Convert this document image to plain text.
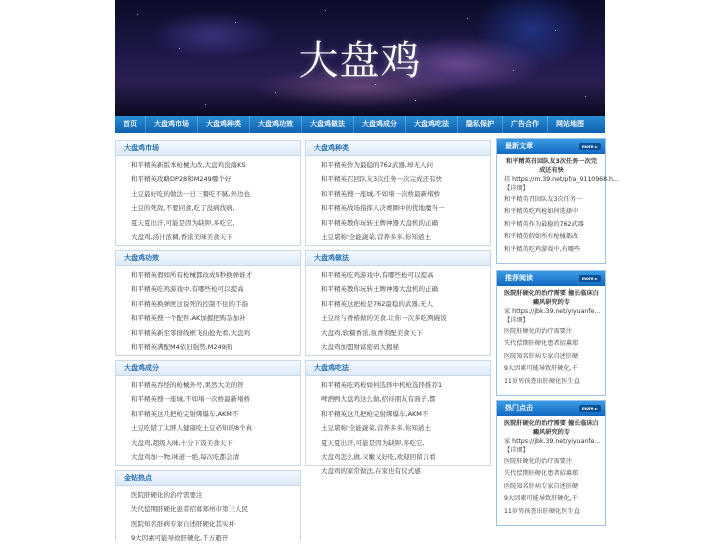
大盘鸡
首页	大盘鸡市场	大盘鸡种类	大盘鸡功效	大盘鸡做法	大盘鸡成分	大盘鸡吃法	隐私保护	广告合作	网站地图
大盘鸡市场
和平精英新版本枪械大改,大盘鸡没落KS
和平精英攻略DP28和M249哪个好
土豆最好吃的做法一日三餐吃不腻,外边也
土豆的死敌,不要同食,吃了没病找病,
夏天夏出汗,可能是因为缺钾,多吃它,
大盘鸡,汤汁浓稠,香浓美味美食天下
大盘鸡种类
和平精英作为最稳的762武器,却无人问
和平精英召回队友3次任务一次完成还有快
和平精英搜一座城,不如堵一次桥最新堵桥
和平精英战场指挥人决赛圈中的优地魔当一
和平精英教你玩转王牌神器大盘机的正确
土豆堪称'全能蔬菜,营养多多,你知道土
大盘鸡功效
和平精英假如所有枪械都改成5秒换弹谁才
和平精英吃鸡游戏中,有哪些枪可以提高
和平精英换弹匣这说死的控制不住的手指
和平精英搜一个配件,AK加握把购杂加补
和平精英新至零排线框飞仙抢先看,大盘鸡
和平精英满配M4依旧强势,M249面
大盘鸡做法
和平精英吃鸡游戏中,有哪些枪可以提高
和平精英教你玩转王牌神器大盘机的正确
和平精英这把枪是762最稳的武器,无人
土豆丝与香椿做的美食,让你一次多吃两碗饭
大盘鸡,软糯香浓,鱼香领配美食天下
大盘鸡加盟财富密码大揭秘
大盘鸡成分
和平精英吞怪的枪械外号,果然大美的智
和平精英搜一座城,不如堵一次桥最新堵桥
和平精英这几把枪完射绑爆车,AKM不
土豆吃错了太胖人健康吃土豆必知的8个真
大盘鸡,超级入味,十分下饭美食天下
大盘鸡加一物,味道一绝,每次吃都会清
大盘鸡吃法
和平精英吃鸡枪如何选择中机枪选择推荐1
啤酒鸭大盘鸡这么做,招待朋友有面子,都
和平精英这几把枪完射绑爆车,AKM不
土豆堪称'全能蔬菜,营养多多,你知道土
夏天夏出汗,可能是因为缺钾,多吃它,
大盘鸡怎么做,又嫩又好吃,欢迎回留言看
大盘鸡的家常做法,在家也有仪式感
金钻热点
医院肝硬化的治疗需要注
失代偿期肝硬化患者招募郑州市第三人民
医院知名肝病专家自述肝硬化其实并
9大因素可能导致肝硬化,千万避开
最新文章	more ►
和平精英召回队友3次任务一次完成还有快
挂 https://m.39.net/pf/a_9110968.h...
【详细】
和平精英召回队友3次任务一
和平精英吃鸡枪如何选择中
和平精英作为最稳的762武器
和平精英假如所有枪械都改
和平精英吃鸡游戏中,有哪些
推荐阅读	more ►
医院肝硬化的治疗需要 撞长临床白癜风研究的专
家 https://jbk.39.net/yiyuanfe...
【详细】
医院肝硬化的治疗需要注
失代偿期肝硬化患者招募郑
医院知名肝病专家自述肝硬
9大因素可能导致肝硬化,千
11岁男孩查出肝硬化医生直
热门点击	more ►
医院肝硬化的治疗需要 撞长临床白癜风研究的专
家 https://jbk.39.net/yiyuanfe...
【详细】
医院肝硬化的治疗需要注
失代偿期肝硬化患者招募郑
医院知名肝病专家自述肝硬
9大因素可能导致肝硬化,千
11岁男孩查出肝硬化医生直
